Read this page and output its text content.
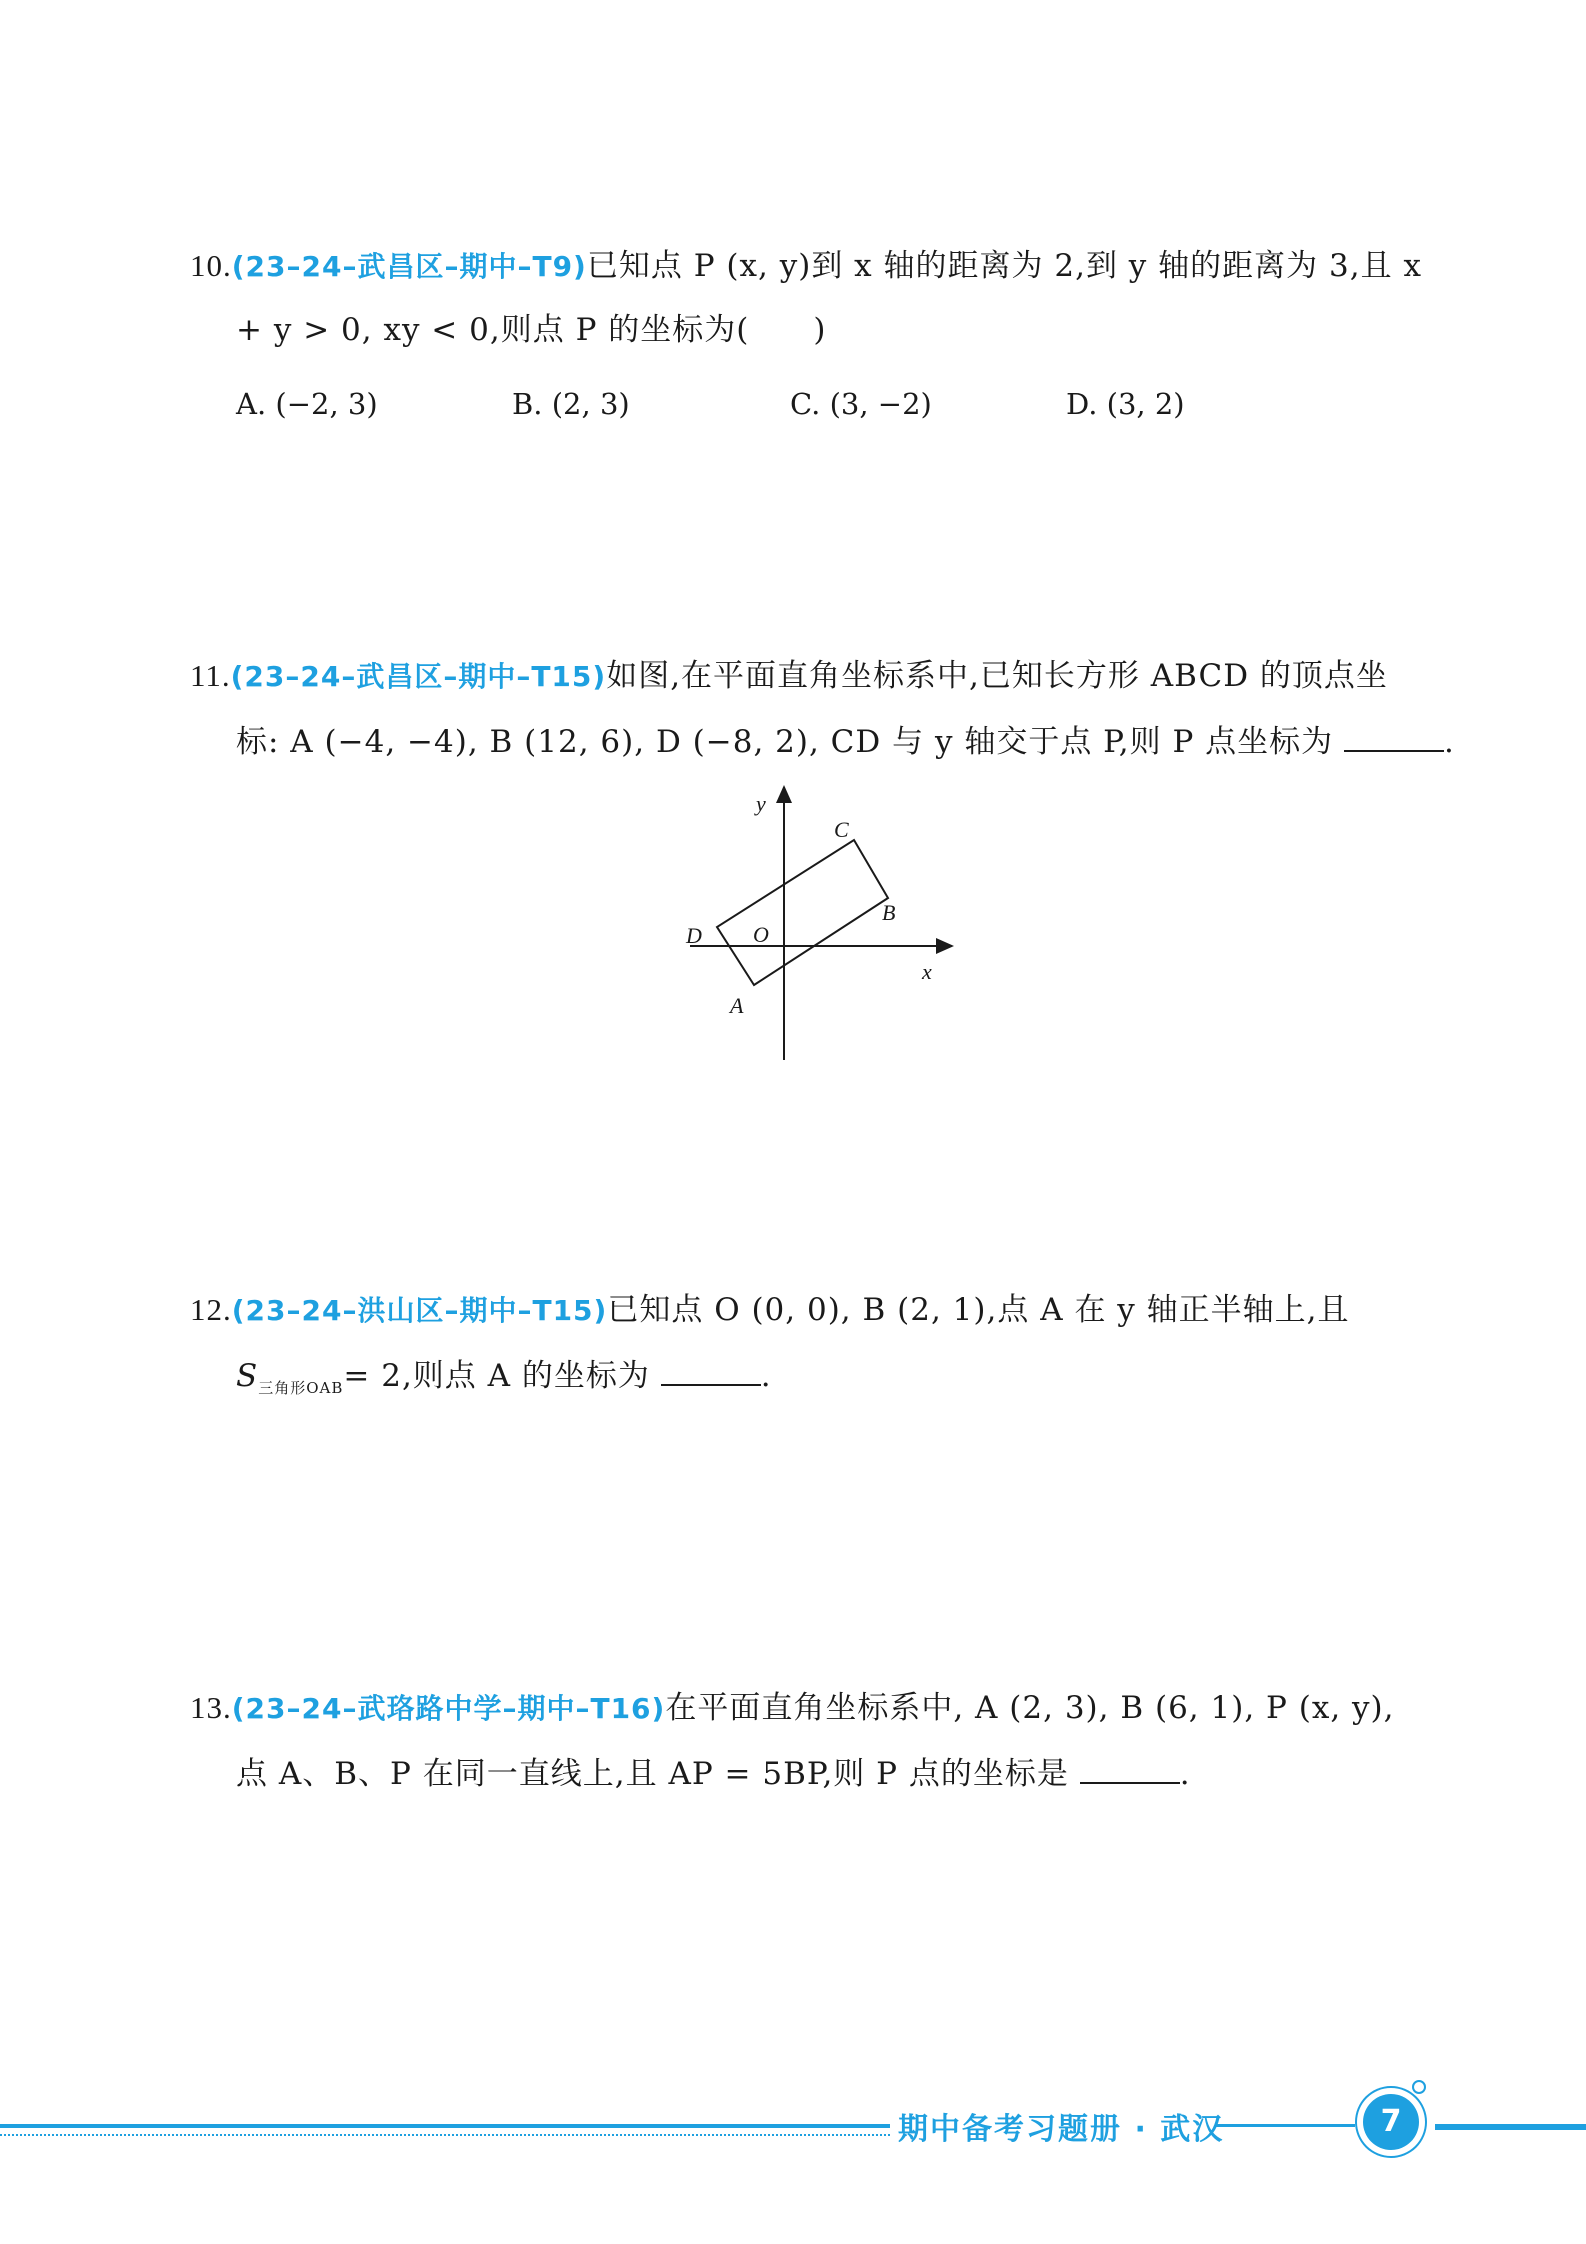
10.(23–24–武昌区–期中–T9)已知点 P (x, y)到 x 轴的距离为 2,到 y 轴的距离为 3,且 x
+ y > 0, xy < 0,则点 P 的坐标为(　　)
A. (−2, 3)	B. (2, 3)	C. (3, −2)	D. (3, 2)
11.(23–24–武昌区–期中–T15)如图,在平面直角坐标系中,已知长方形 ABCD 的顶点坐
标: A (−4, −4), B (12, 6), D (−8, 2), CD 与 y 轴交于点 P,则 P 点坐标为	.
y
x
O
A
B
C
D
12.(23–24–洪山区–期中–T15)已知点 O (0, 0), B (2, 1),点 A 在 y 轴正半轴上,且
$S_{三角形OAB}= 2$,则点 A 的坐标为	.
13.(23–24–武珞路中学–期中–T16)在平面直角坐标系中, A (2, 3), B (6, 1), P (x, y),
点 A、B、P 在同一直线上,且 AP = 5BP,则 P 点的坐标是	.
期中备考习题册 · 武汉	7
